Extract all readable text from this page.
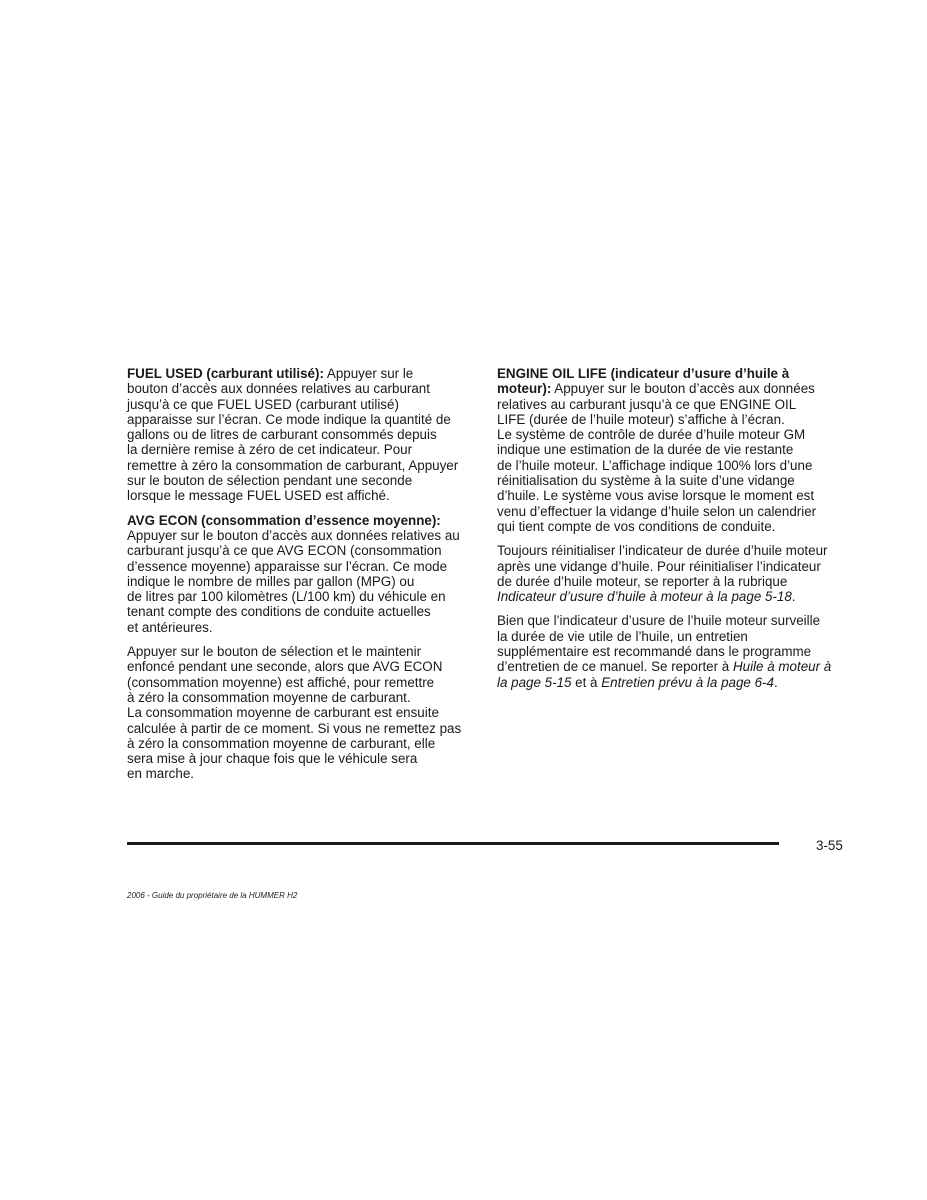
FUEL USED (carburant utilisé): Appuyer sur le
bouton d’accès aux données relatives au carburant
jusqu’à ce que FUEL USED (carburant utilisé)
apparaisse sur l’écran. Ce mode indique la quantité de
gallons ou de litres de carburant consommés depuis
la dernière remise à zéro de cet indicateur. Pour
remettre à zéro la consommation de carburant, Appuyer
sur le bouton de sélection pendant une seconde
lorsque le message FUEL USED est affiché.

AVG ECON (consommation d’essence moyenne):
Appuyer sur le bouton d’accès aux données relatives au
carburant jusqu’à ce que AVG ECON (consommation
d’essence moyenne) apparaisse sur l’écran. Ce mode
indique le nombre de milles par gallon (MPG) ou
de litres par 100 kilomètres (L/100 km) du véhicule en
tenant compte des conditions de conduite actuelles
et antérieures.

Appuyer sur le bouton de sélection et le maintenir
enfoncé pendant une seconde, alors que AVG ECON
(consommation moyenne) est affiché, pour remettre
à zéro la consommation moyenne de carburant.
La consommation moyenne de carburant est ensuite
calculée à partir de ce moment. Si vous ne remettez pas
à zéro la consommation moyenne de carburant, elle
sera mise à jour chaque fois que le véhicule sera
en marche.

ENGINE OIL LIFE (indicateur d’usure d’huile à
moteur): Appuyer sur le bouton d’accès aux données
relatives au carburant jusqu’à ce que ENGINE OIL
LIFE (durée de l’huile moteur) s’affiche à l’écran.
Le système de contrôle de durée d’huile moteur GM
indique une estimation de la durée de vie restante
de l’huile moteur. L’affichage indique 100% lors d’une
réinitialisation du système à la suite d’une vidange
d’huile. Le système vous avise lorsque le moment est
venu d’effectuer la vidange d’huile selon un calendrier
qui tient compte de vos conditions de conduite.

Toujours réinitialiser l’indicateur de durée d’huile moteur
après une vidange d’huile. Pour réinitialiser l’indicateur
de durée d’huile moteur, se reporter à la rubrique
Indicateur d’usure d’huile à moteur à la page 5-18.

Bien que l’indicateur d’usure de l’huile moteur surveille
la durée de vie utile de l’huile, un entretien
supplémentaire est recommandé dans le programme
d’entretien de ce manuel. Se reporter à Huile à moteur à
la page 5-15 et à Entretien prévu à la page 6-4.

3-55
2006 - Guide du propriétaire de la HUMMER H2
